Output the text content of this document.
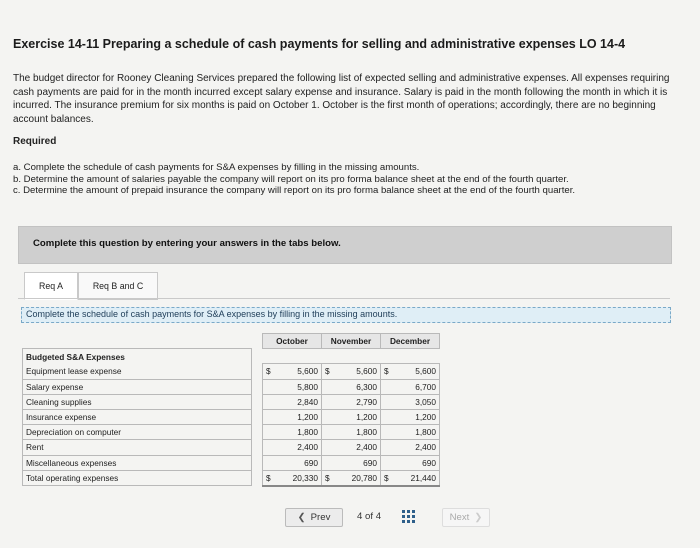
Exercise 14-11 Preparing a schedule of cash payments for selling and administrative expenses LO 14-4
The budget director for Rooney Cleaning Services prepared the following list of expected selling and administrative expenses. All expenses requiring cash payments are paid for in the month incurred except salary expense and insurance. Salary is paid in the month following the month in which it is incurred. The insurance premium for six months is paid on October 1. October is the first month of operations; accordingly, there are no beginning account balances.
Required
a. Complete the schedule of cash payments for S&A expenses by filling in the missing amounts.
b. Determine the amount of salaries payable the company will report on its pro forma balance sheet at the end of the fourth quarter.
c. Determine the amount of prepaid insurance the company will report on its pro forma balance sheet at the end of the fourth quarter.
Complete this question by entering your answers in the tabs below.
Req A	Req B and C
Complete the schedule of cash payments for S&A expenses by filling in the missing amounts.
		October	November	December
Budgeted S&A Expenses				
Equipment lease expense		$ 5,600	$ 5,600	$ 5,600
Salary expense		5,800	6,300	6,700
Cleaning supplies		2,840	2,790	3,050
Insurance expense		1,200	1,200	1,200
Depreciation on computer		1,800	1,800	1,800
Rent		2,400	2,400	2,400
Miscellaneous expenses		690	690	690
Total operating expenses		$ 20,330	$ 20,780	$ 21,440
❮ Prev	4
of
4	Next ❯
